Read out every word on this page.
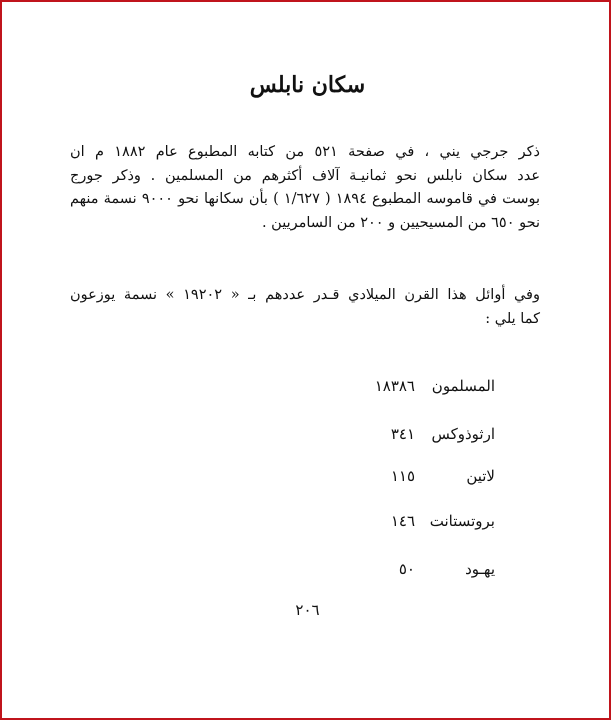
سكان نابلس
ذكر جرجي يني ، في صفحة ٥٢١ من كتابه المطبوع عام ١٨٨٢ م ان
عدد سكان نابلس نحو ثمانيـة آلاف أكثرهم من المسلمين . وذكر جورج
بوست في قاموسه المطبوع ١٨٩٤ ( ١/٦٢٧ ) بأن سكانها نحو ٩٠٠٠ نسمة منهم
نحو ٦٥٠ من المسيحيين و ٢٠٠ من السامريين .
وفي أوائل هذا القرن الميلادي قـدر عددهم بـ « ١٩٢٠٢ » نسمة يوزعون
كما يلي :
المسلمون
١٨٣٨٦
ارثوذوكس
٣٤١
لاتين
١١٥
بروتستانت
١٤٦
يهـود
٥٠
٢٠٦
